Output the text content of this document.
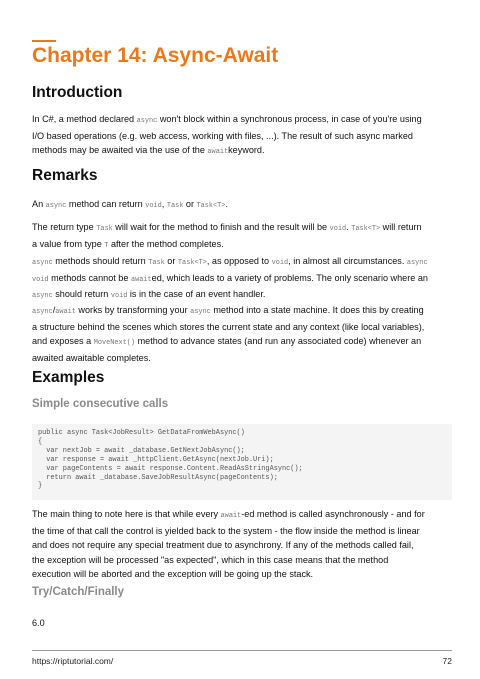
Chapter 14: Async-Await
Introduction
In C#, a method declared async won't block within a synchronous process, in case of you're using
I/O based operations (e.g. web access, working with files, ...). The result of such async marked
methods may be awaited via the use of the awaitkeyword.
Remarks
An async method can return void, Task or Task<T>.
The return type Task will wait for the method to finish and the result will be void. Task<T> will return
a value from type T after the method completes.
async methods should return Task or Task<T>, as opposed to void, in almost all circumstances. async
void methods cannot be awaited, which leads to a variety of problems. The only scenario where an
async should return void is in the case of an event handler.
async/await works by transforming your async method into a state machine. It does this by creating
a structure behind the scenes which stores the current state and any context (like local variables),
and exposes a MoveNext() method to advance states (and run any associated code) whenever an
awaited awaitable completes.
Examples
Simple consecutive calls
public async Task<JobResult> GetDataFromWebAsync()
{
var nextJob = await _database.GetNextJobAsync();
var response = await _httpClient.GetAsync(nextJob.Uri);
var pageContents = await response.Content.ReadAsStringAsync();
return await _database.SaveJobResultAsync(pageContents);
}
The main thing to note here is that while every await-ed method is called asynchronously - and for
the time of that call the control is yielded back to the system - the flow inside the method is linear
and does not require any special treatment due to asynchrony. If any of the methods called fail,
the exception will be processed "as expected", which in this case means that the method
execution will be aborted and the exception will be going up the stack.
Try/Catch/Finally
6.0
https://riptutorial.com/	72
